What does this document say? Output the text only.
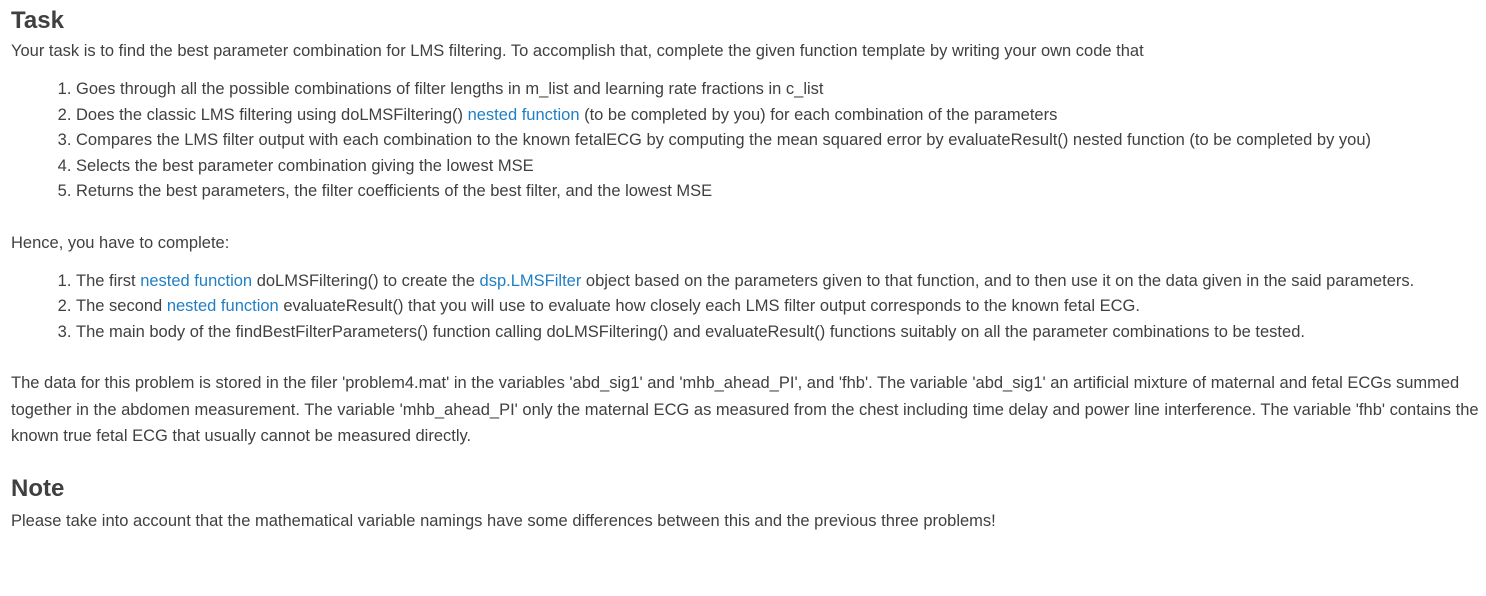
Task

Your task is to find the best parameter combination for LMS filtering. To accomplish that, complete the given function template by writing your own code that

1. Goes through all the possible combinations of filter lengths in m_list and learning rate fractions in c_list
2. Does the classic LMS filtering using doLMSFiltering() nested function (to be completed by you) for each combination of the parameters
3. Compares the LMS filter output with each combination to the known fetalECG by computing the mean squared error by evaluateResult() nested function (to be completed by you)
4. Selects the best parameter combination giving the lowest MSE
5. Returns the best parameters, the filter coefficients of the best filter, and the lowest MSE

Hence, you have to complete:

1. The first nested function doLMSFiltering() to create the dsp.LMSFilter object based on the parameters given to that function, and to then use it on the data given in the said parameters.
2. The second nested function evaluateResult() that you will use to evaluate how closely each LMS filter output corresponds to the known fetal ECG.
3. The main body of the findBestFilterParameters() function calling doLMSFiltering() and evaluateResult() functions suitably on all the parameter combinations to be tested.

The data for this problem is stored in the filer 'problem4.mat' in the variables 'abd_sig1' and 'mhb_ahead_PI', and 'fhb'. The variable 'abd_sig1' an artificial mixture of maternal and fetal ECGs summed together in the abdomen measurement. The variable 'mhb_ahead_PI' only the maternal ECG as measured from the chest including time delay and power line interference. The variable 'fhb' contains the known true fetal ECG that usually cannot be measured directly.

Note

Please take into account that the mathematical variable namings have some differences between this and the previous three problems!
